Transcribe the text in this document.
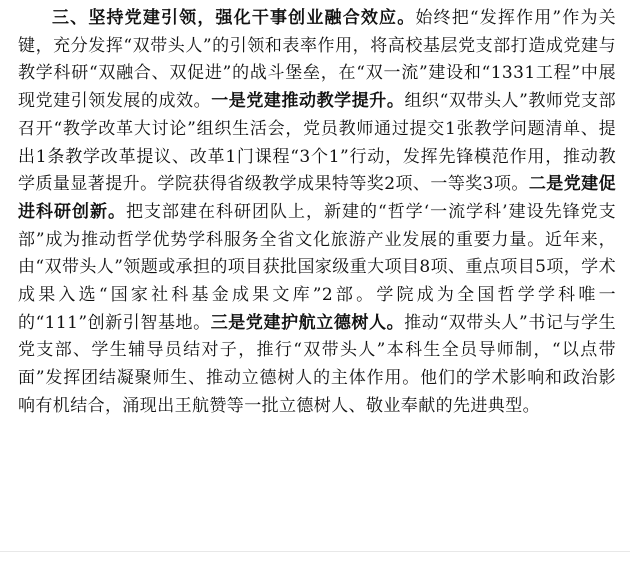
三、坚持党建引领，强化干事创业融合效应。始终把“发挥作用”作为关键，充分发挥“双带头人”的引领和表率作用，将高校基层党支部打造成党建与教学科研“双融合、双促进”的战斗堡垒，在“双一流”建设和“1331工程”中展现党建引领发展的成效。一是党建推动教学提升。组织“双带头人”教师党支部召开“教学改革大讨论”组织生活会，党员教师通过提交1张教学问题清单、提出1条教学改革提议、改革1门课程“3个1”行动，发挥先锋模范作用，推动教学质量显著提升。学院获得省级教学成果特等奖2项、一等奖3项。二是党建促进科研创新。把支部建在科研团队上，新建的“哲学‘一流学科’建设先锋党支部”成为推动哲学优势学科服务全省文化旅游产业发展的重要力量。近年来，由“双带头人”领题或承担的项目获批国家级重大项目8项、重点项目5项，学术成果入选“国家社科基金成果文库”2部。学院成为全国哲学学科唯一的“111”创新引智基地。三是党建护航立德树人。推动“双带头人”书记与学生党支部、学生辅导员结对子，推行“双带头人”本科生全员导师制，“以点带面”发挥团结凝聚师生、推动立德树人的主体作用。他们的学术影响和政治影响有机结合，涌现出王航赞等一批立德树人、敬业奉献的先进典型。
